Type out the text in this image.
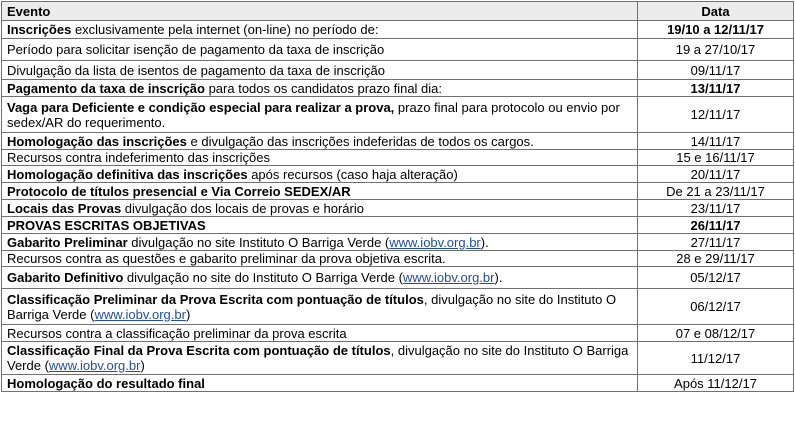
Evento	Data
Inscrições exclusivamente pela internet (on-line) no período de:	19/10 a 12/11/17
Período para solicitar isenção de pagamento da taxa de inscrição	19 a 27/10/17
Divulgação da lista de isentos de pagamento da taxa de inscrição	09/11/17
Pagamento da taxa de inscrição para todos os candidatos prazo final dia:	13/11/17
Vaga para Deficiente e condição especial para realizar a prova, prazo final para protocolo ou envio por sedex/AR do requerimento.	12/11/17
Homologação das inscrições e divulgação das inscrições indeferidas de todos os cargos.	14/11/17
Recursos contra indeferimento das inscrições	15 e 16/11/17
Homologação definitiva das inscrições após recursos (caso haja alteração)	20/11/17
Protocolo de títulos presencial e Via Correio SEDEX/AR	De 21 a 23/11/17
Locais das Provas divulgação dos locais de provas e horário	23/11/17
PROVAS ESCRITAS OBJETIVAS	26/11/17
Gabarito Preliminar divulgação no site Instituto O Barriga Verde (www.iobv.org.br).	27/11/17
Recursos contra as questões e gabarito preliminar da prova objetiva escrita.	28 e 29/11/17
Gabarito Definitivo divulgação no site do Instituto O Barriga Verde (www.iobv.org.br).	05/12/17
Classificação Preliminar da Prova Escrita com pontuação de títulos, divulgação no site do Instituto O Barriga Verde (www.iobv.org.br)	06/12/17
Recursos contra a classificação preliminar da prova escrita	07 e 08/12/17
Classificação Final da Prova Escrita com pontuação de títulos, divulgação no site do Instituto O Barriga Verde (www.iobv.org.br)	11/12/17
Homologação do resultado final	Após 11/12/17
